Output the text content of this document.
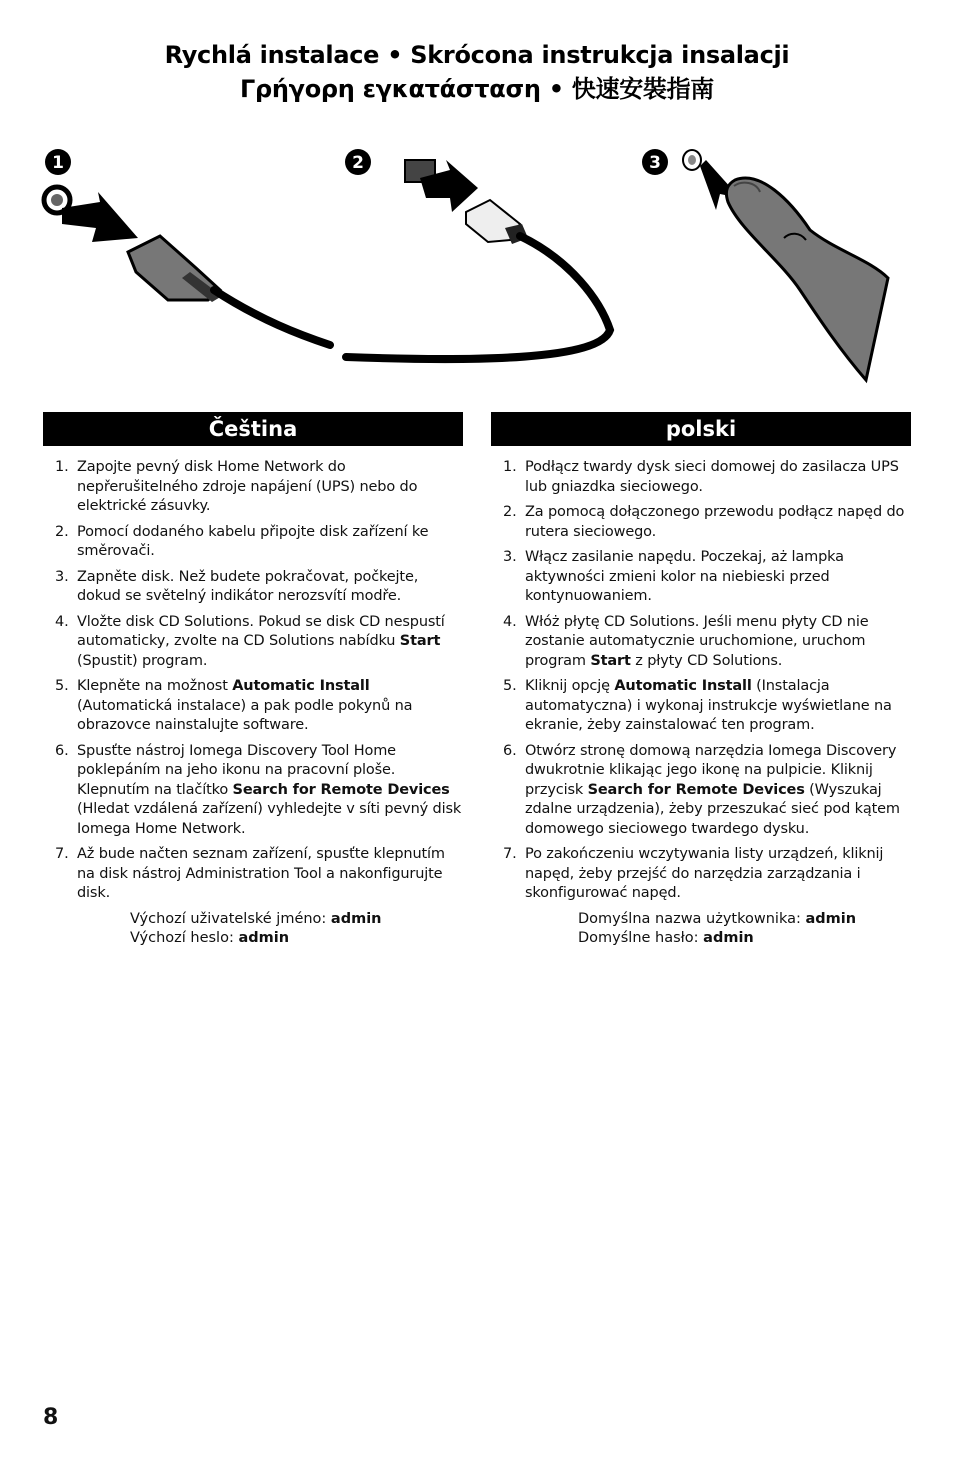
Rychlá instalace • Skrócona instrukcja insalacji
Γρήγορη εγκατάσταση • 快速安裝指南
1	2	3
Čeština
1. Zapojte pevný disk Home Network do nepřerušitelného zdroje napájení (UPS) nebo do elektrické zásuvky.
2. Pomocí dodaného kabelu připojte disk zařízení ke směrovači.
3. Zapněte disk. Než budete pokračovat, počkejte, dokud se světelný indikátor nerozsvítí modře.
4. Vložte disk CD Solutions. Pokud se disk CD nespustí automaticky, zvolte na CD Solutions nabídku Start (Spustit) program.
5. Klepněte na možnost Automatic Install (Automatická instalace) a pak podle pokynů na obrazovce nainstalujte software.
6. Spusťte nástroj Iomega Discovery Tool Home poklepáním na jeho ikonu na pracovní ploše. Klepnutím na tlačítko Search for Remote Devices (Hledat vzdálená zařízení) vyhledejte v síti pevný disk Iomega Home Network.
7. Až bude načten seznam zařízení, spusťte klepnutím na disk nástroj Administration Tool a nakonfigurujte disk.
Výchozí uživatelské jméno: admin
Výchozí heslo: admin
polski
1. Podłącz twardy dysk sieci domowej do zasilacza UPS lub gniazdka sieciowego.
2. Za pomocą dołączonego przewodu podłącz napęd do rutera sieciowego.
3. Włącz zasilanie napędu. Poczekaj, aż lampka aktywności zmieni kolor na niebieski przed kontynuowaniem.
4. Włóż płytę CD Solutions. Jeśli menu płyty CD nie zostanie automatycznie uruchomione, uruchom program Start z płyty CD Solutions.
5. Kliknij opcję Automatic Install (Instalacja automatyczna) i wykonaj instrukcje wyświetlane na ekranie, żeby zainstalować ten program.
6. Otwórz stronę domową narzędzia Iomega Discovery dwukrotnie klikając jego ikonę na pulpicie. Kliknij przycisk Search for Remote Devices (Wyszukaj zdalne urządzenia), żeby przeszukać sieć pod kątem domowego sieciowego twardego dysku.
7. Po zakończeniu wczytywania listy urządzeń, kliknij napęd, żeby przejść do narzędzia zarządzania i skonfigurować napęd.
Domyślna nazwa użytkownika: admin
Domyślne hasło: admin
8
